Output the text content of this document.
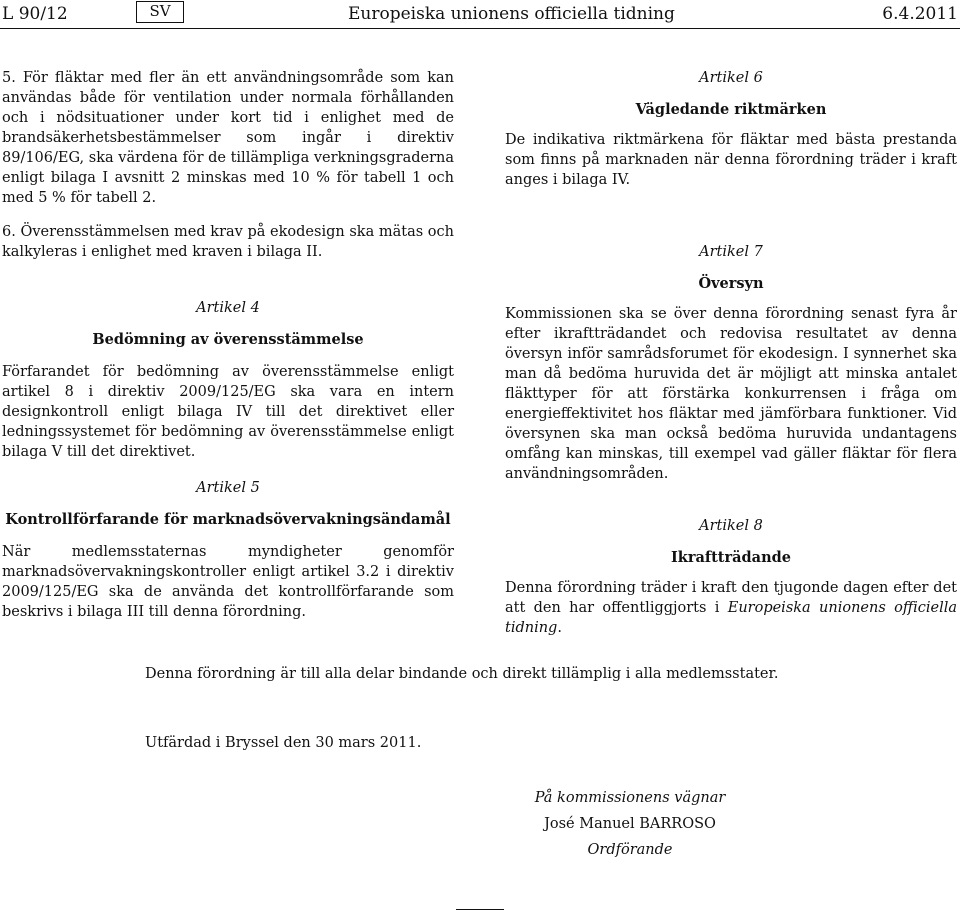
L 90/12	SV	Europeiska unionens officiella tidning	6.4.2011

5. För fläktar med fler än ett användningsområde som kan användas både för ventilation under normala förhållanden och i nödsituationer under kort tid i enlighet med de brandsäkerhetsbestämmelser som ingår i direktiv 89/106/EG, ska värdena för de tillämpliga verkningsgraderna enligt bilaga I avsnitt 2 minskas med 10 % för tabell 1 och med 5 % för tabell 2.

6. Överensstämmelsen med krav på ekodesign ska mätas och kalkyleras i enlighet med kraven i bilaga II.

Artikel 4

Bedömning av överensstämmelse

Förfarandet för bedömning av överensstämmelse enligt artikel 8 i direktiv 2009/125/EG ska vara en intern designkontroll enligt bilaga IV till det direktivet eller ledningssystemet för bedömning av överensstämmelse enligt bilaga V till det direktivet.

Artikel 5

Kontrollförfarande för marknadsövervakningsändamål

När medlemsstaternas myndigheter genomför marknadsövervakningskontroller enligt artikel 3.2 i direktiv 2009/125/EG ska de använda det kontrollförfarande som beskrivs i bilaga III till denna förordning.

Artikel 6

Vägledande riktmärken

De indikativa riktmärkena för fläktar med bästa prestanda som finns på marknaden när denna förordning träder i kraft anges i bilaga IV.

Artikel 7

Översyn

Kommissionen ska se över denna förordning senast fyra år efter ikraftträdandet och redovisa resultatet av denna översyn inför samrådsforumet för ekodesign. I synnerhet ska man då bedöma huruvida det är möjligt att minska antalet fläkttyper för att förstärka konkurrensen i fråga om energieffektivitet hos fläktar med jämförbara funktioner. Vid översynen ska man också bedöma huruvida undantagens omfång kan minskas, till exempel vad gäller fläktar för flera användningsområden.

Artikel 8

Ikraftträdande

Denna förordning träder i kraft den tjugonde dagen efter det att den har offentliggjorts i Europeiska unionens officiella tidning.

Denna förordning är till alla delar bindande och direkt tillämplig i alla medlemsstater.
Utfärdad i Bryssel den 30 mars 2011.
På kommissionens vägnar
José Manuel BARROSO
Ordförande
